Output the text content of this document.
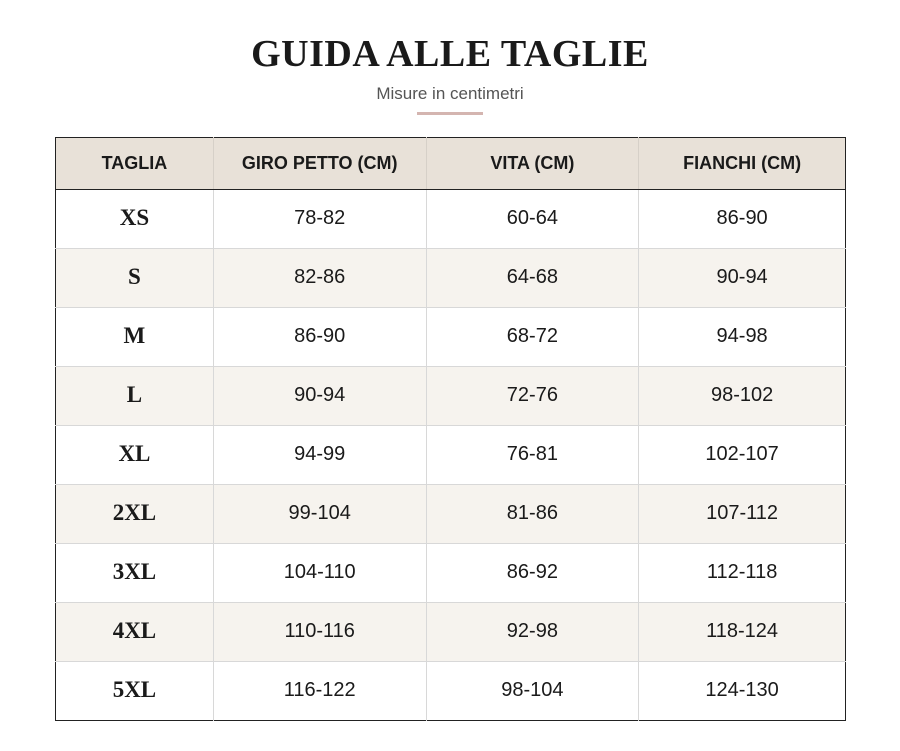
GUIDA ALLE TAGLIE
Misure in centimetri
TAGLIA	GIRO PETTO (CM)	VITA (CM)	FIANCHI (CM)
XS	78-82	60-64	86-90
S	82-86	64-68	90-94
M	86-90	68-72	94-98
L	90-94	72-76	98-102
XL	94-99	76-81	102-107
2XL	99-104	81-86	107-112
3XL	104-110	86-92	112-118
4XL	110-116	92-98	118-124
5XL	116-122	98-104	124-130
